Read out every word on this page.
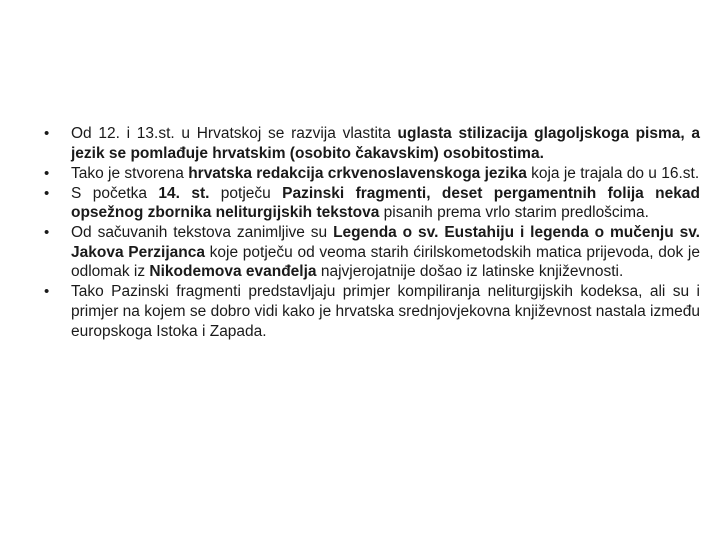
• Od 12. i 13.st. u Hrvatskoj se razvija vlastita uglasta stilizacija glagoljskoga pisma, a jezik se pomlađuje hrvatskim (osobito čakavskim) osobitostima.
• Tako je stvorena hrvatska redakcija crkvenoslavenskoga jezika koja je trajala do u 16.st.
• S početka 14. st. potječu Pazinski fragmenti, deset pergamentnih folija nekad opsežnog zbornika neliturgijskih tekstova pisanih prema vrlo starim predlošcima.
• Od sačuvanih tekstova zanimljive su Legenda o sv. Eustahiju i legenda o mučenju sv. Jakova Perzijanca koje potječu od veoma starih ćirilskometodskih matica prijevoda, dok je odlomak iz Nikodemova evanđelja najvjerojatnije došao iz latinske književnosti.
• Tako Pazinski fragmenti predstavljaju primjer kompiliranja neliturgijskih kodeksa, ali su i primjer na kojem se dobro vidi kako je hrvatska srednjovjekovna književnost nastala između europskoga Istoka i Zapada.
